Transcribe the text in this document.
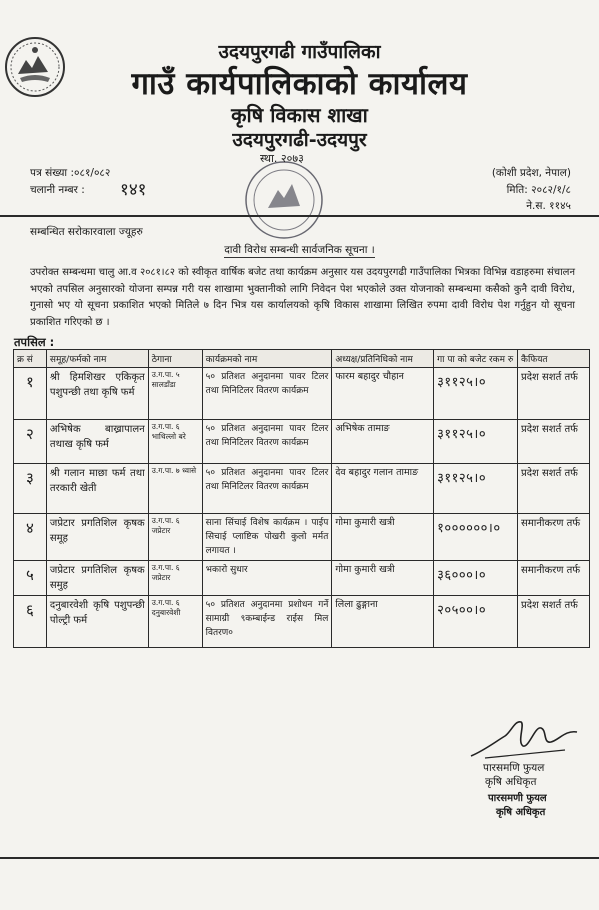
उदयपुरगढी गाउँपालिका
गाउँ कार्यपालिकाको कार्यालय
कृषि विकास शाखा
उदयपुरगढी-उदयपुर
स्था. २०७३
पत्र संख्या :०८१/०८२
चलानी नम्बर : १४१
(कोशी प्रदेश, नेपाल)
मिति: २०८२/१/८
ने.स. ११४५
सम्बन्धित सरोकारवाला ज्यूहरु
दावी विरोध सम्बन्धी सार्वजनिक सूचना ।
उपरोक्त सम्बन्धमा चालु आ.व २०८१।८२ को स्वीकृत वार्षिक बजेट तथा कार्यक्रम अनुसार यस उदयपुरगढी गाउँपालिका भित्रका विभिन्न वडाहरुमा संचालन भएको तपसिल अनुसारको योजना सम्पन्न गरी यस शाखामा भुक्तानीको लागि निवेदन पेश भएकोले उक्त योजनाको सम्बन्धमा कसैको कुनै दावी विरोध, गुनासो भए यो सूचना प्रकाशित भएको मितिले ७ दिन भित्र यस कार्यालयको कृषि विकास शाखामा लिखित रुपमा दावी विरोध पेश गर्नुहुन यो सूचना प्रकाशित गरिएको छ ।
तपसिल :
क्र सं	समूह/फर्मको नाम	ठेगाना	कार्यक्रमको नाम	अध्यक्ष/प्रतिनिधिको नाम	गा पा को बजेट रकम रु	कैफियत
१	श्री हिमशिखर एकिकृत पशुपन्छी तथा कृषि फर्म	उ.ग.पा. ५ सालडाँडा	५० प्रतिशत अनुदानमा पावर टिलर तथा मिनिटिलर वितरण कार्यक्रम	फारम बहादुर चौहान	३११२५।०	प्रदेश सशर्त तर्फ
२	अभिषेक बाख्रापालन तथाख कृषि फर्म	उ.ग.पा. ६ भाथिल्लो बरे	५० प्रतिशत अनुदानमा पावर टिलर तथा मिनिटिलर वितरण कार्यक्रम	अभिषेक तामाङ	३११२५।०	प्रदेश सशर्त तर्फ
३	श्री गलान माछा फर्म तथा तरकारी खेती	उ.ग.पा. ७ ध्वासे	५० प्रतिशत अनुदानमा पावर टिलर तथा मिनिटिलर वितरण कार्यक्रम	देव बहादुर गलान तामाङ	३११२५।०	प्रदेश सशर्त तर्फ
४	जप्रेटार प्रगतिशिल कृषक समूह	उ.ग.पा. ६ जप्रेटार	साना सिंचाई विशेष कार्यक्रम । पाईप सिचाई प्लाष्टिक पोखरी कुलो मर्मत लगायत ।	गोमा कुमारी खत्री	१००००००।०	समानीकरण तर्फ
५	जप्रेटार प्रगतिशिल कृषक समुह	उ.ग.पा. ६ जप्रेटार	भकारो सुधार	गोमा कुमारी खत्री	३६०००।०	समानीकरण तर्फ
६	दनुबारवेशी कृषि पशुपन्छी पोल्ट्री फर्म	उ.ग.पा. ६ दनुबारवेशी	५० प्रतिशत अनुदानमा प्रशोधन गर्ने सामाग्री ९कम्बाईन्ड राईस मिल वितरण०	लिला ढुङ्गाना	२०५००।०	प्रदेश सशर्त तर्फ
पारसमणि फुयल
कृषि अधिकृत
पारसमणी फुयल
कृषि अधिकृत
